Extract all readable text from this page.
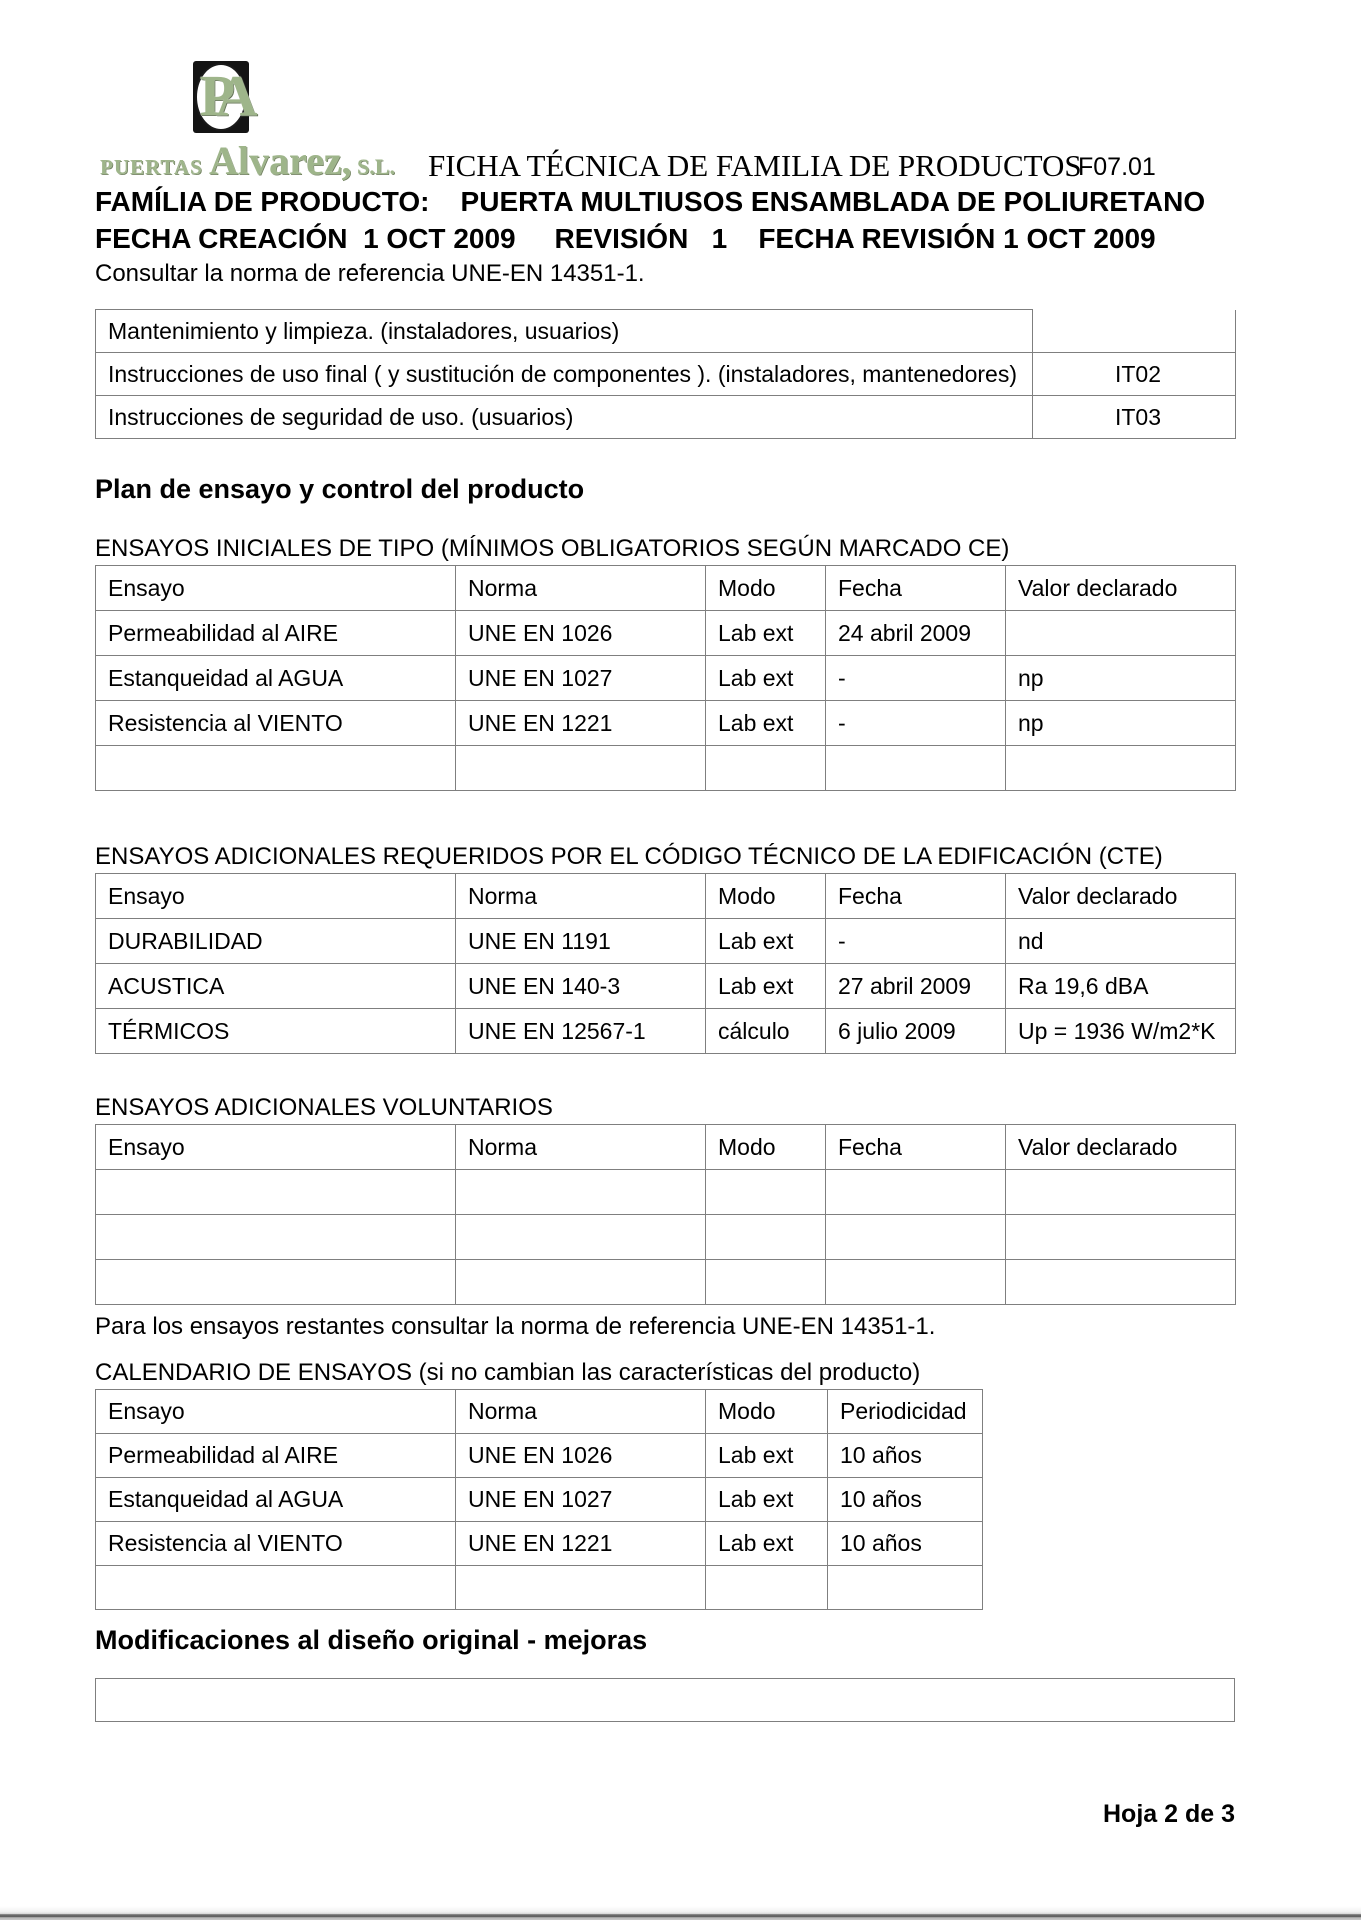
PA
PUERTAS Alvarez, S.L. FICHA TÉCNICA DE FAMILIA DE PRODUCTOS
F07.01
FAMÍLIA DE PRODUCTO:    PUERTA MULTIUSOS ENSAMBLADA DE POLIURETANO
FECHA CREACIÓN  1 OCT 2009     REVISIÓN   1    FECHA REVISIÓN 1 OCT 2009
Consultar la norma de referencia UNE-EN 14351-1.
Mantenimiento y limpieza. (instaladores, usuarios)	
Instrucciones de uso final ( y sustitución de componentes ). (instaladores, mantenedores)	IT02
Instrucciones de seguridad de uso. (usuarios)	IT03
Plan de ensayo y control del producto
ENSAYOS INICIALES DE TIPO (MÍNIMOS OBLIGATORIOS SEGÚN MARCADO CE)
Ensayo	Norma	Modo	Fecha	Valor declarado
Permeabilidad al AIRE	UNE EN 1026	Lab ext	24 abril 2009	
Estanqueidad al AGUA	UNE EN 1027	Lab ext	-	np
Resistencia al VIENTO	UNE EN 1221	Lab ext	-	np

ENSAYOS ADICIONALES REQUERIDOS POR EL CÓDIGO TÉCNICO DE LA EDIFICACIÓN (CTE)
Ensayo	Norma	Modo	Fecha	Valor declarado
DURABILIDAD	UNE EN 1191	Lab ext	-	nd
ACUSTICA	UNE EN 140-3	Lab ext	27 abril 2009	Ra 19,6 dBA
TÉRMICOS	UNE EN 12567-1	cálculo	6 julio 2009	Up = 1936 W/m2*K
ENSAYOS ADICIONALES VOLUNTARIOS
Ensayo	Norma	Modo	Fecha	Valor declarado

Para los ensayos restantes consultar la norma de referencia UNE-EN 14351-1.
CALENDARIO DE ENSAYOS (si no cambian las características del producto)
Ensayo	Norma	Modo	Periodicidad
Permeabilidad al AIRE	UNE EN 1026	Lab ext	10 años
Estanqueidad al AGUA	UNE EN 1027	Lab ext	10 años
Resistencia al VIENTO	UNE EN 1221	Lab ext	10 años

Modificaciones al diseño original - mejoras
Hoja 2 de 3
